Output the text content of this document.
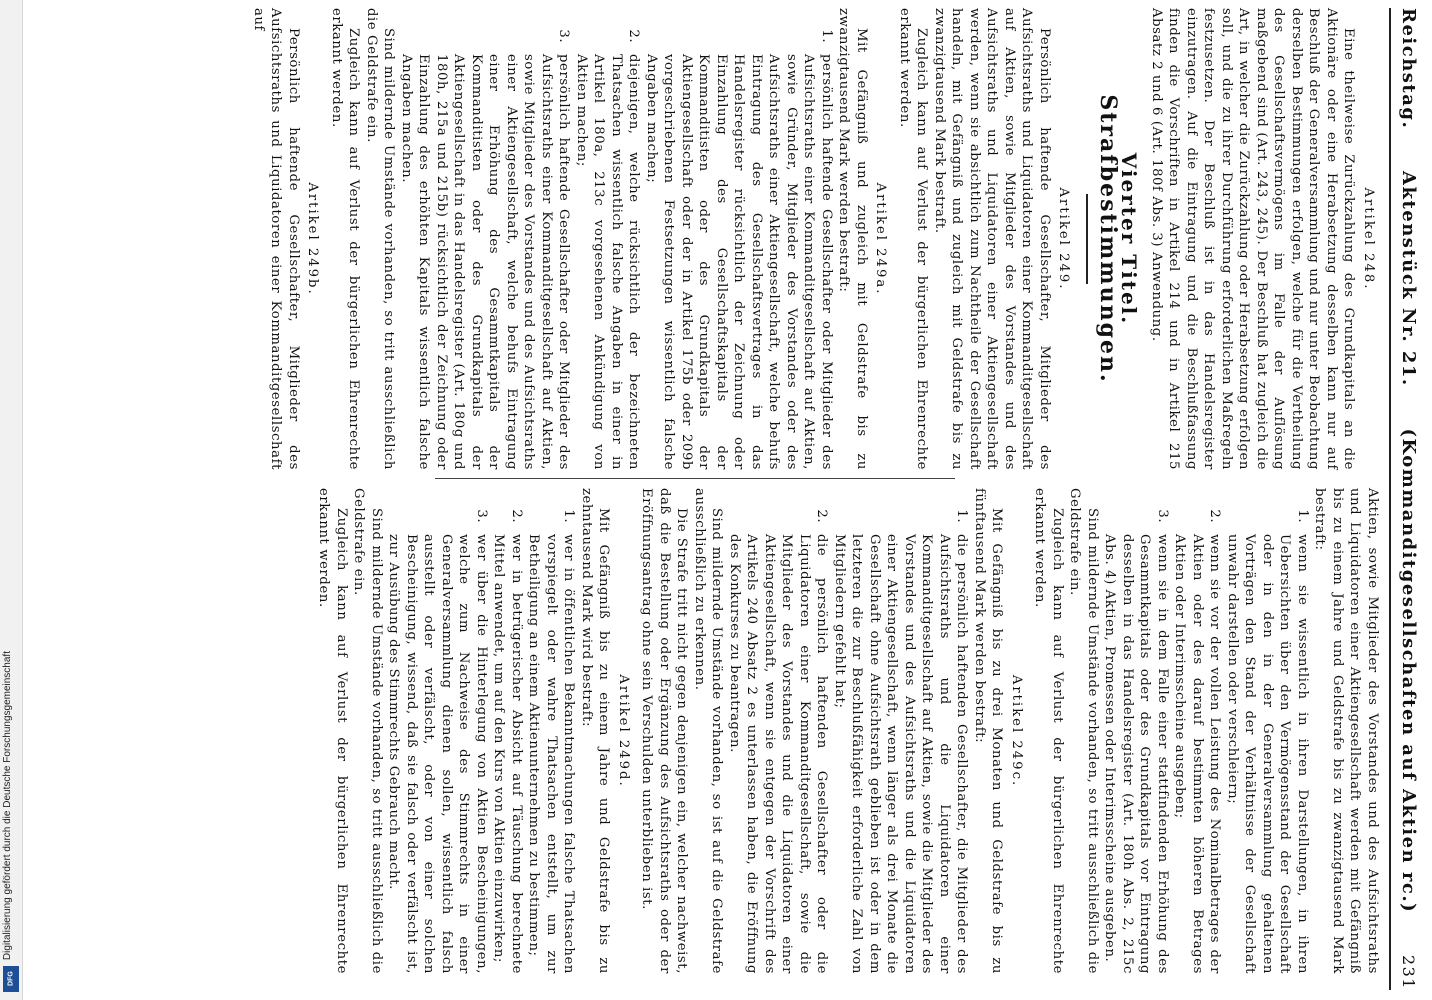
Digitalisierung gefördert durch die Deutsche Forschungsgemeinschaft
DFG
Reichstag.
Aktenstück Nr. 21.
(Kommanditgesellschaften auf Aktien rc.)
231
Artikel 248.

Eine theilweise Zurückzahlung des Grundkapitals an die Aktionäre oder eine Herabsetzung desselben kann nur auf Beschluß der Generalversammlung und nur unter Beobachtung derselben Bestimmungen erfolgen, welche für die Vertheilung des Gesellschaftsvermögens im Falle der Auflösung maßgebend sind (Art. 243, 245). Der Beschluß hat zugleich die Art, in welcher die Zurückzahlung oder Herabsetzung erfolgen soll, und die zu ihrer Durchführung erforderlichen Maßregeln festzusetzen. Der Beschluß ist in das Handelsregister einzutragen. Auf die Eintragung und die Beschlußfassung finden die Vorschriften in Artikel 214 und in Artikel 215 Absatz 2 und 6 (Art. 180f Abs. 3) Anwendung.

Vierter Titel.
Strafbestimmungen.
Artikel 249.

Persönlich haftende Gesellschafter, Mitglieder des Aufsichtsraths und Liquidatoren einer Kommanditgesellschaft auf Aktien, sowie Mitglieder des Vorstandes und des Aufsichtsraths und Liquidatoren einer Aktiengesellschaft werden, wenn sie absichtlich zum Nachtheile der Gesellschaft handeln, mit Gefängniß und zugleich mit Geldstrafe bis zu zwanzigtausend Mark bestraft.

Zugleich kann auf Verlust der bürgerlichen Ehrenrechte erkannt werden.

Artikel 249a.

Mit Gefängniß und zugleich mit Geldstrafe bis zu zwanzigtausend Mark werden bestraft:

1. persönlich haftende Gesellschafter oder Mitglieder des Aufsichtsraths einer Kommanditgesellschaft auf Aktien, sowie Gründer, Mitglieder des Vorstandes oder des Aufsichtsraths einer Aktiengesellschaft, welche behufs Eintragung des Gesellschaftsvertrages in das Handelsregister rücksichtlich der Zeichnung oder Einzahlung des Gesellschaftskapitals der Kommanditisten oder des Grundkapitals der Aktiengesellschaft oder der in Artikel 175b oder 209b vorgeschriebenen Festsetzungen wissentlich falsche Angaben machen;
2. diejenigen, welche rücksichtlich der bezeichneten Thatsachen wissentlich falsche Angaben in einer in Artikel 180a, 213c vorgesehenen Ankündigung von Aktien machen;
3. persönlich haftende Gesellschafter oder Mitglieder des Aufsichtsraths einer Kommanditgesellschaft auf Aktien, sowie Mitglieder des Vorstandes und des Aufsichtsraths einer Aktiengesellschaft, welche behufs Eintragung einer Erhöhung des Gesammtkapitals der Kommanditisten oder des Grundkapitals der Aktiengesellschaft in das Handelsregister (Art. 180g und 180h, 215a und 215b) rücksichtlich der Zeichnung oder Einzahlung des erhöhten Kapitals wissentlich falsche Angaben machen.

Sind mildernde Umstände vorhanden, so tritt ausschließlich die Geldstrafe ein.

Zugleich kann auf Verlust der bürgerlichen Ehrenrechte erkannt werden.

Artikel 249b.

Persönlich haftende Gesellschafter, Mitglieder des Aufsichtsraths und Liquidatoren einer Kommanditgesellschaft auf

Aktien, sowie Mitglieder des Vorstandes und des Aufsichtsraths und Liquidatoren einer Aktiengesellschaft werden mit Gefängniß bis zu einem Jahre und Geldstrafe bis zu zwanzigtausend Mark bestraft:

1. wenn sie wissentlich in ihren Darstellungen, in ihren Uebersichten über den Vermögensstand der Gesellschaft oder in den in der Generalversammlung gehaltenen Vorträgen den Stand der Verhältnisse der Gesellschaft unwahr darstellen oder verschleiern;
2. wenn sie vor der vollen Leistung des Nominalbetrages der Aktien oder des darauf bestimmten höheren Betrages Aktien oder Interimsscheine ausgeben;
3. wenn sie in dem Falle einer stattfindenden Erhöhung des Gesammtkapitals oder des Grundkapitals vor Eintragung desselben in das Handelsregister (Art. 180h Abs. 2, 215c Abs. 4) Aktien, Promessen oder Interimsscheine ausgeben.

Sind mildernde Umstände vorhanden, so tritt ausschließlich die Geldstrafe ein.

Zugleich kann auf Verlust der bürgerlichen Ehrenrechte erkannt werden.

Artikel 249c.

Mit Gefängniß bis zu drei Monaten und Geldstrafe bis zu fünftausend Mark werden bestraft:

1. die persönlich haftenden Gesellschafter, die Mitglieder des Aufsichtsraths und die Liquidatoren einer Kommanditgesellschaft auf Aktien, sowie die Mitglieder des Vorstandes und des Aufsichtsraths und die Liquidatoren einer Aktiengesellschaft, wenn länger als drei Monate die Gesellschaft ohne Aufsichtsrath geblieben ist oder in dem letzteren die zur Beschlußfähigkeit erforderliche Zahl von Mitgliedern gefehlt hat;
2. die persönlich haftenden Gesellschafter oder die Liquidatoren einer Kommanditgesellschaft, sowie die Mitglieder des Vorstandes und die Liquidatoren einer Aktiengesellschaft, wenn sie entgegen der Vorschrift des Artikels 240 Absatz 2 es unterlassen haben, die Eröffnung des Konkurses zu beantragen.

Sind mildernde Umstände vorhanden, so ist auf die Geldstrafe ausschließlich zu erkennen.

Die Strafe tritt nicht gegen denjenigen ein, welcher nachweist, daß die Bestellung oder Ergänzung des Aufsichtsraths oder der Eröffnungsantrag ohne sein Verschulden unterblieben ist.

Artikel 249d.

Mit Gefängniß bis zu einem Jahre und Geldstrafe bis zu zehntausend Mark wird bestraft:

1. wer in öffentlichen Bekanntmachungen falsche Thatsachen vorspiegelt oder wahre Thatsachen entstellt, um zur Betheiligung an einem Aktienunternehmen zu bestimmen;
2. wer in betrügerischer Absicht auf Täuschung berechnete Mittel anwendet, um auf den Kurs von Aktien einzuwirken;
3. wer über die Hinterlegung von Aktien Bescheinigungen, welche zum Nachweise des Stimmrechts in einer Generalversammlung dienen sollen, wissentlich falsch ausstellt oder verfälscht, oder von einer solchen Bescheinigung, wissend, daß sie falsch oder verfälscht ist, zur Ausübung des Stimmrechts Gebrauch macht.

Sind mildernde Umstände vorhanden, so tritt ausschließlich die Geldstrafe ein.

Zugleich kann auf Verlust der bürgerlichen Ehrenrechte erkannt werden.
